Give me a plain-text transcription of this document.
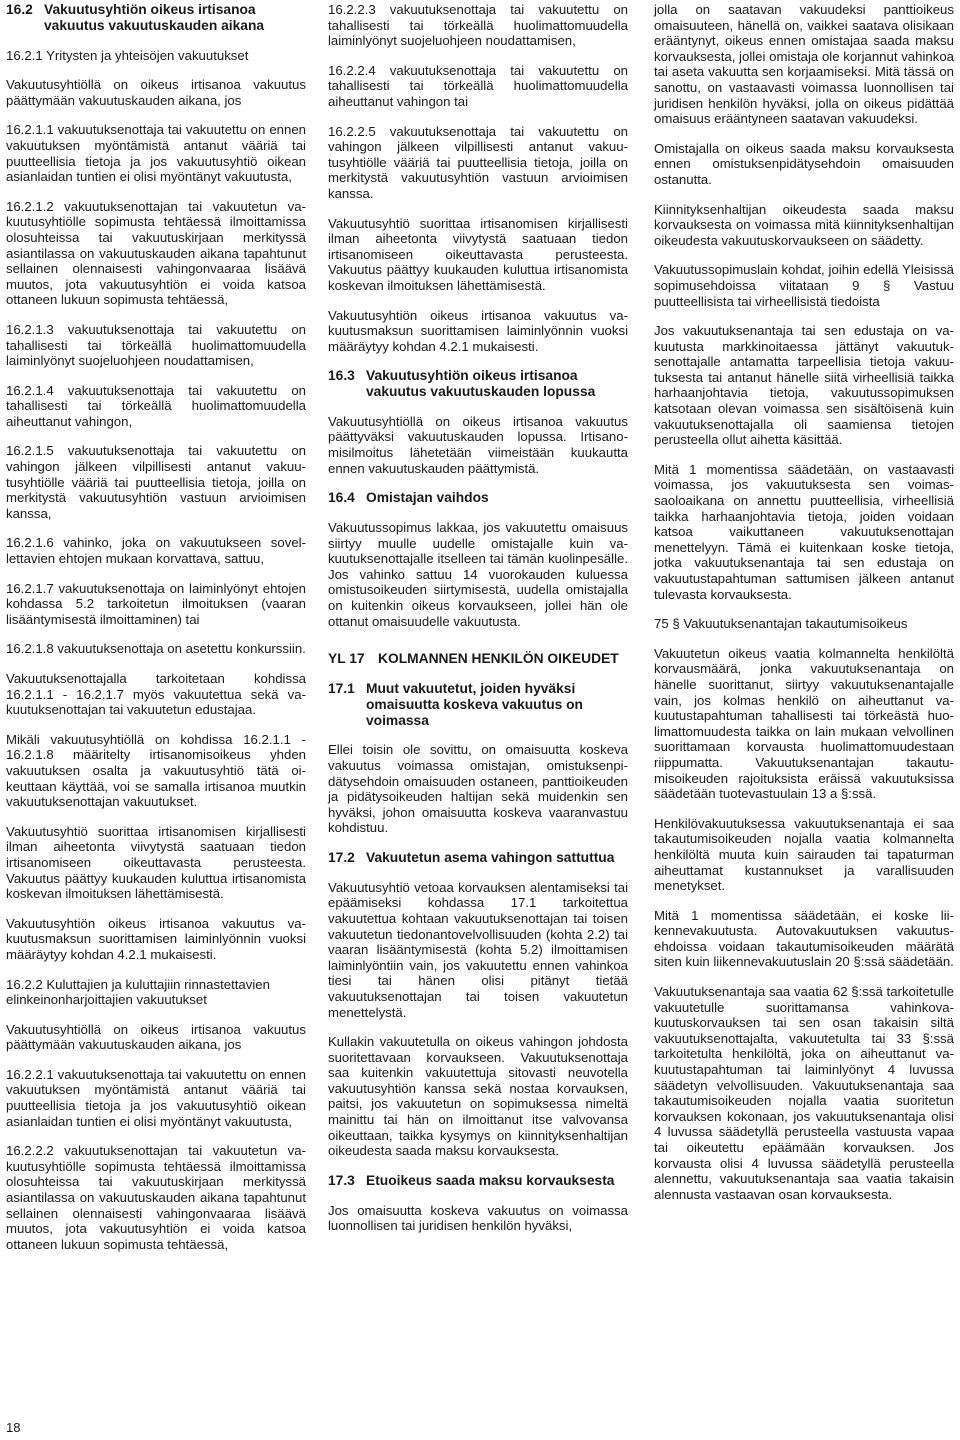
16.2 Vakuutusyhtiön oikeus irtisanoa vakuutus vakuutuskauden aikana

16.2.1 Yritysten ja yhteisöjen vakuutukset

Vakuutusyhtiöllä on oikeus irtisanoa vakuutus päättymään vakuutuskauden aikana, jos

16.2.1.1 vakuutuksenottaja tai vakuutettu on ennen vakuutuksen myöntämistä antanut vääriä tai puutteellisia tietoja ja jos vakuutusyhtiö oikean asianlaidan tuntien ei olisi myöntänyt vakuutusta,

16.2.1.2 vakuutuksenottajan tai vakuutetun vakuutusyhtiölle sopimusta tehtäessä ilmoittamissa olosuhteissa tai vakuutuskirjaan merkityssä asiantilassa on vakuutuskauden aikana tapahtunut sellainen olennaisesti vahingonvaaraa lisäävä muutos, jota vakuutusyhtiön ei voida katsoa ottaneen lukuun sopimusta tehtäessä,

16.2.1.3 vakuutuksenottaja tai vakuutettu on tahallisesti tai törkeällä huolimattomuudella laiminlyönyt suojeluohjeen noudattamisen,

16.2.1.4 vakuutuksenottaja tai vakuutettu on tahallisesti tai törkeällä huolimattomuudella aiheuttanut vahingon,

16.2.1.5 vakuutuksenottaja tai vakuutettu on vahingon jälkeen vilpillisesti antanut vakuutusyhtiölle vääriä tai puutteellisia tietoja, joilla on merkitystä vakuutusyhtiön vastuun arvioimisen kanssa,

16.2.1.6 vahinko, joka on vakuutukseen sovellettavien ehtojen mukaan korvattava, sattuu,

16.2.1.7 vakuutuksenottaja on laiminlyönyt ehtojen kohdassa 5.2 tarkoitetun ilmoituksen (vaaran lisääntymisestä ilmoittaminen) tai

16.2.1.8 vakuutuksenottaja on asetettu konkurssiin.

Vakuutuksenottajalla tarkoitetaan kohdissa 16.2.1.1 - 16.2.1.7 myös vakuutettua sekä vakuutuksenottajan tai vakuutetun edustajaa.

Mikäli vakuutusyhtiöllä on kohdissa 16.2.1.1 - 16.2.1.8 määritelty irtisanomisoikeus yhden vakuutuksen osalta ja vakuutusyhtiö tätä oikeuttaan käyttää, voi se samalla irtisanoa muutkin vakuutuksenottajan vakuutukset.

Vakuutusyhtiö suorittaa irtisanomisen kirjallisesti ilman aiheetonta viivytystä saatuaan tiedon irtisanomiseen oikeuttavasta perusteesta. Vakuutus päättyy kuukauden kuluttua irtisanomista koskevan ilmoituksen lähettämisestä.

Vakuutusyhtiön oikeus irtisanoa vakuutus vakuutusmaksun suorittamisen laiminlyönnin vuoksi määräytyy kohdan 4.2.1 mukaisesti.

16.2.2 Kuluttajien ja kuluttajiin rinnastettavien elinkeinonharjoittajien vakuutukset

Vakuutusyhtiöllä on oikeus irtisanoa vakuutus päättymään vakuutuskauden aikana, jos

16.2.2.1 vakuutuksenottaja tai vakuutettu on ennen vakuutuksen myöntämistä antanut vääriä tai puutteellisia tietoja ja jos vakuutusyhtiö oikean asianlaidan tuntien ei olisi myöntänyt vakuutusta,

16.2.2.2 vakuutuksenottajan tai vakuutetun vakuutusyhtiölle sopimusta tehtäessä ilmoittamissa olosuhteissa tai vakuutuskirjaan merkityssä asiantilassa on vakuutuskauden aikana tapahtunut sellainen olennaisesti vahingonvaaraa lisäävä muutos, jota vakuutusyhtiön ei voida katsoa ottaneen lukuun sopimusta tehtäessä,

16.2.2.3 vakuutuksenottaja tai vakuutettu on tahallisesti tai törkeällä huolimattomuudella laiminlyönyt suojeluohjeen noudattamisen,

16.2.2.4 vakuutuksenottaja tai vakuutettu on tahallisesti tai törkeällä huolimattomuudella aiheuttanut vahingon tai

16.2.2.5 vakuutuksenottaja tai vakuutettu on vahingon jälkeen vilpillisesti antanut vakuutusyhtiölle vääriä tai puutteellisia tietoja, joilla on merkitystä vakuutusyhtiön vastuun arvioimisen kanssa.

Vakuutusyhtiö suorittaa irtisanomisen kirjallisesti ilman aiheetonta viivytystä saatuaan tiedon irtisanomiseen oikeuttavasta perusteesta. Vakuutus päättyy kuukauden kuluttua irtisanomista koskevan ilmoituksen lähettämisestä.

Vakuutusyhtiön oikeus irtisanoa vakuutus vakuutusmaksun suorittamisen laiminlyönnin vuoksi määräytyy kohdan 4.2.1 mukaisesti.

16.3 Vakuutusyhtiön oikeus irtisanoa vakuutus vakuutuskauden lopussa

Vakuutusyhtiöllä on oikeus irtisanoa vakuutus päättyväksi vakuutuskauden lopussa. Irtisanomisilmoitus lähetetään viimeistään kuukautta ennen vakuutuskauden päättymistä.

16.4 Omistajan vaihdos

Vakuutussopimus lakkaa, jos vakuutettu omaisuus siirtyy muulle uudelle omistajalle kuin vakuutuksenottajalle itselleen tai tämän kuolinpesälle. Jos vahinko sattuu 14 vuorokauden kuluessa omistusoikeuden siirtymisestä, uudella omistajalla on kuitenkin oikeus korvaukseen, jollei hän ole ottanut omaisuudelle vakuutusta.

YL 17 KOLMANNEN HENKILÖN OIKEUDET
17.1 Muut vakuutetut, joiden hyväksi omaisuutta koskeva vakuutus on voimassa

Ellei toisin ole sovittu, on omaisuutta koskeva vakuutus voimassa omistajan, omistuksenpidätysehdoin omaisuuden ostaneen, panttioikeuden ja pidätysoikeuden haltijan sekä muidenkin sen hyväksi, johon omaisuutta koskeva vaaranvastuu kohdistuu.

17.2 Vakuutetun asema vahingon sattuttua

Vakuutusyhtiö vetoaa korvauksen alentamiseksi tai epäämiseksi kohdassa 17.1 tarkoitettua vakuutettua kohtaan vakuutuksenottajan tai toisen vakuutetun tiedonantovelvollisuuden (kohta 2.2) tai vaaran lisääntymisestä (kohta 5.2) ilmoittamisen laiminlyöntiin vain, jos vakuutettu ennen vahinkoa tiesi tai hänen olisi pitänyt tietää vakuutuksenottajan tai toisen vakuutetun menettelystä.

Kullakin vakuutetulla on oikeus vahingon johdosta suoritettavaan korvaukseen. Vakuutuksenottaja saa kuitenkin vakuutettuja sitovasti neuvotella vakuutusyhtiön kanssa sekä nostaa korvauksen, paitsi, jos vakuutetun on sopimuksessa nimeltä mainittu tai hän on ilmoittanut itse valvovansa oikeuttaan, taikka kysymys on kiinnityksenhaltijan oikeudesta saada maksu korvauksesta.

17.3 Etuoikeus saada maksu korvauksesta

Jos omaisuutta koskeva vakuutus on voimassa luonnollisen tai juridisen henkilön hyväksi,

jolla on saatavan vakuudeksi panttioikeus omaisuuteen, hänellä on, vaikkei saatava olisikaan erääntynyt, oikeus ennen omistajaa saada maksu korvauksesta, jollei omistaja ole korjannut vahinkoa tai aseta vakuutta sen korjaamiseksi. Mitä tässä on sanottu, on vastaavasti voimassa luonnollisen tai juridisen henkilön hyväksi, jolla on oikeus pidättää omaisuus erääntyneen saatavan vakuudeksi.

Omistajalla on oikeus saada maksu korvauksesta ennen omistuksenpidätysehdoin omaisuuden ostanutta.

Kiinnityksenhaltijan oikeudesta saada maksu korvauksesta on voimassa mitä kiinnityksenhaltijan oikeudesta vakuutuskorvaukseen on säädetty.

Vakuutussopimuslain kohdat, joihin edellä Yleisissä sopimusehdoissa viitataan 9 § Vastuu puutteellisista tai virheellisistä tiedoista

Jos vakuutuksenantaja tai sen edustaja on vakuutusta markkinoitaessa jättänyt vakuutuksenottajalle antamatta tarpeellisia tietoja vakuutuksesta tai antanut hänelle siitä virheellisiä taikka harhaanjohtavia tietoja, vakuutussopimuksen katsotaan olevan voimassa sen sisältöisenä kuin vakuutuksenottajalla oli saamiensa tietojen perusteella ollut aihetta käsittää.

Mitä 1 momentissa säädetään, on vastaavasti voimassa, jos vakuutuksesta sen voimassaoloaikana on annettu puutteellisia, virheellisiä taikka harhaanjohtavia tietoja, joiden voidaan katsoa vaikuttaneen vakuutuksenottajan menettelyyn. Tämä ei kuitenkaan koske tietoja, jotka vakuutuksenantaja tai sen edustaja on vakuutustapahtuman sattumisen jälkeen antanut tulevasta korvauksesta.

75 § Vakuutuksenantajan takautumisoikeus

Vakuutetun oikeus vaatia kolmannelta henkilöltä korvausmäärä, jonka vakuutuksenantaja on hänelle suorittanut, siirtyy vakuutuksenantajalle vain, jos kolmas henkilö on aiheuttanut vakuutustapahtuman tahallisesti tai törkeästä huolimattomuudesta taikka on lain mukaan velvollinen suorittamaan korvausta huolimattomuudestaan riippumatta. Vakuutuksenantajan takautumisoikeuden rajoituksista eräissä vakuutuksissa säädetään tuotevastuulain 13 a §:ssä.

Henkilövakuutuksessa vakuutuksenantaja ei saa takautumisoikeuden nojalla vaatia kolmannelta henkilöltä muuta kuin sairauden tai tapaturman aiheuttamat kustannukset ja varallisuuden menetykset.

Mitä 1 momentissa säädetään, ei koske liikennevakuutusta. Autovakuutuksen vakuutusehdoissa voidaan takautumisoikeuden määrätä siten kuin liikennevakuutuslain 20 §:ssä säädetään.

Vakuutuksenantaja saa vaatia 62 §:ssä tarkoitetulle vakuutetulle suorittamansa vahinkovakuutuskorvauksen tai sen osan takaisin siltä vakuutuksenottajalta, vakuutetulta tai 33 §:ssä tarkoitetulta henkilöltä, joka on aiheuttanut vakuutustapahtuman tai laiminlyönyt 4 luvussa säädetyn velvollisuuden. Vakuutuksenantaja saa takautumisoikeuden nojalla vaatia suoritetun korvauksen kokonaan, jos vakuutuksenantaja olisi 4 luvussa säädetyllä perusteella vastuusta vapaa tai oikeutettu epäämään korvauksen. Jos korvausta olisi 4 luvussa säädetyllä perusteella alennettu, vakuutuksenantaja saa vaatia takaisin alennusta vastaavan osan korvauksesta.

18
